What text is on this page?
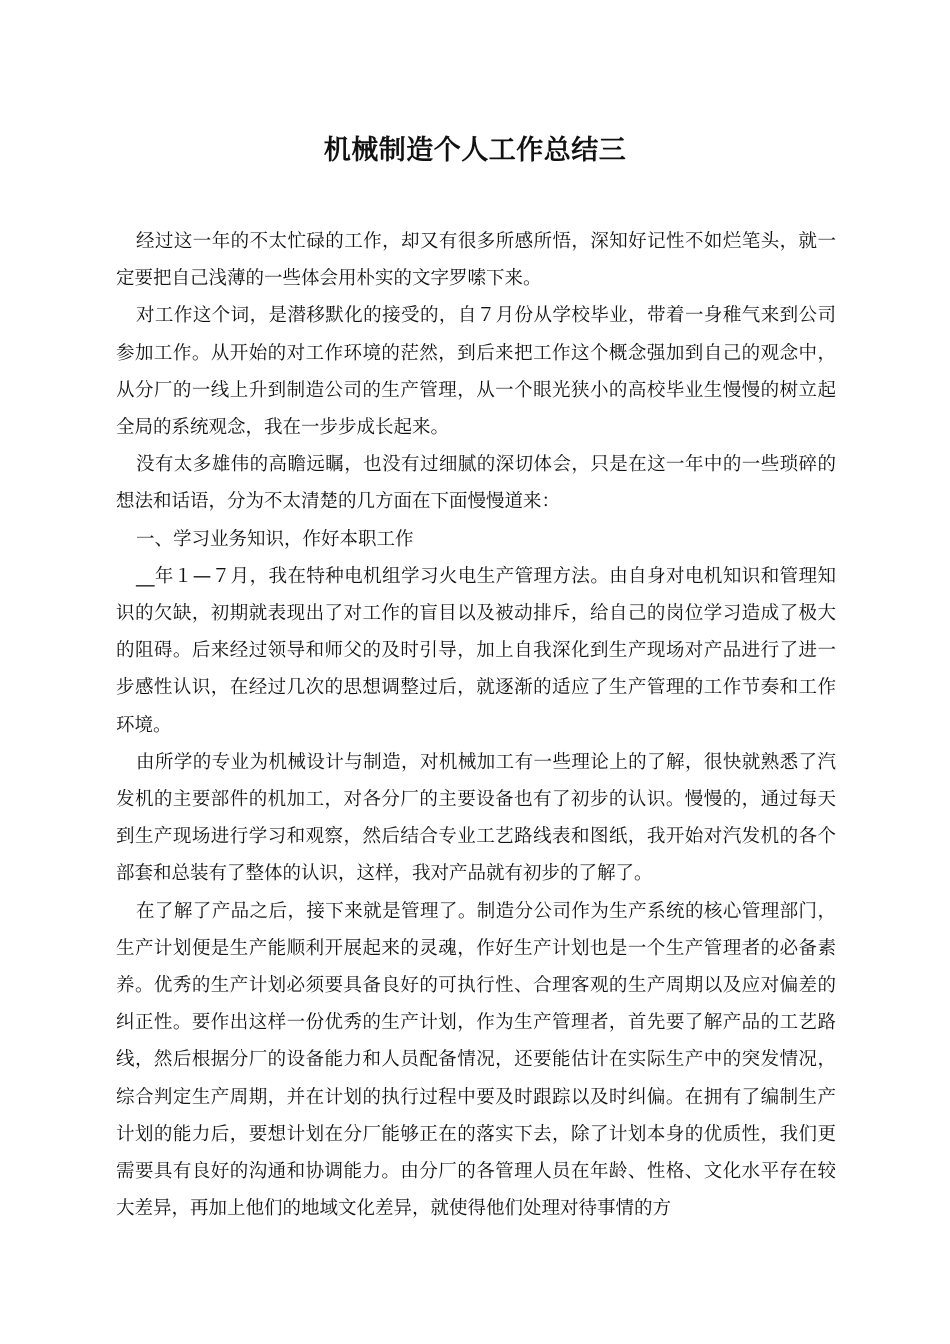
机械制造个人工作总结三

经过这一年的不太忙碌的工作，却又有很多所感所悟，深知好记性不如烂笔头，就一定要把自己浅薄的一些体会用朴实的文字罗嗦下来。

对工作这个词，是潜移默化的接受的，自７月份从学校毕业，带着一身稚气来到公司参加工作。从开始的对工作环境的茫然，到后来把工作这个概念强加到自己的观念中，从分厂的一线上升到制造公司的生产管理，从一个眼光狭小的高校毕业生慢慢的树立起全局的系统观念，我在一步步成长起来。

没有太多雄伟的高瞻远瞩，也没有过细腻的深切体会，只是在这一年中的一些琐碎的想法和话语，分为不太清楚的几方面在下面慢慢道来：

一、学习业务知识，作好本职工作

__年１—７月，我在特种电机组学习火电生产管理方法。由自身对电机知识和管理知识的欠缺，初期就表现出了对工作的盲目以及被动排斥，给自己的岗位学习造成了极大的阻碍。后来经过领导和师父的及时引导，加上自我深化到生产现场对产品进行了进一步感性认识，在经过几次的思想调整过后，就逐渐的适应了生产管理的工作节奏和工作环境。

由所学的专业为机械设计与制造，对机械加工有一些理论上的了解，很快就熟悉了汽发机的主要部件的机加工，对各分厂的主要设备也有了初步的认识。慢慢的，通过每天到生产现场进行学习和观察，然后结合专业工艺路线表和图纸，我开始对汽发机的各个部套和总装有了整体的认识，这样，我对产品就有初步的了解了。

在了解了产品之后，接下来就是管理了。制造分公司作为生产系统的核心管理部门，生产计划便是生产能顺利开展起来的灵魂，作好生产计划也是一个生产管理者的必备素养。优秀的生产计划必须要具备良好的可执行性、合理客观的生产周期以及应对偏差的纠正性。要作出这样一份优秀的生产计划，作为生产管理者，首先要了解产品的工艺路线，然后根据分厂的设备能力和人员配备情况，还要能估计在实际生产中的突发情况，综合判定生产周期，并在计划的执行过程中要及时跟踪以及时纠偏。在拥有了编制生产计划的能力后，要想计划在分厂能够正在的落实下去，除了计划本身的优质性，我们更需要具有良好的沟通和协调能力。由分厂的各管理人员在年龄、性格、文化水平存在较大差异，再加上他们的地域文化差异，就使得他们处理对待事情的方
